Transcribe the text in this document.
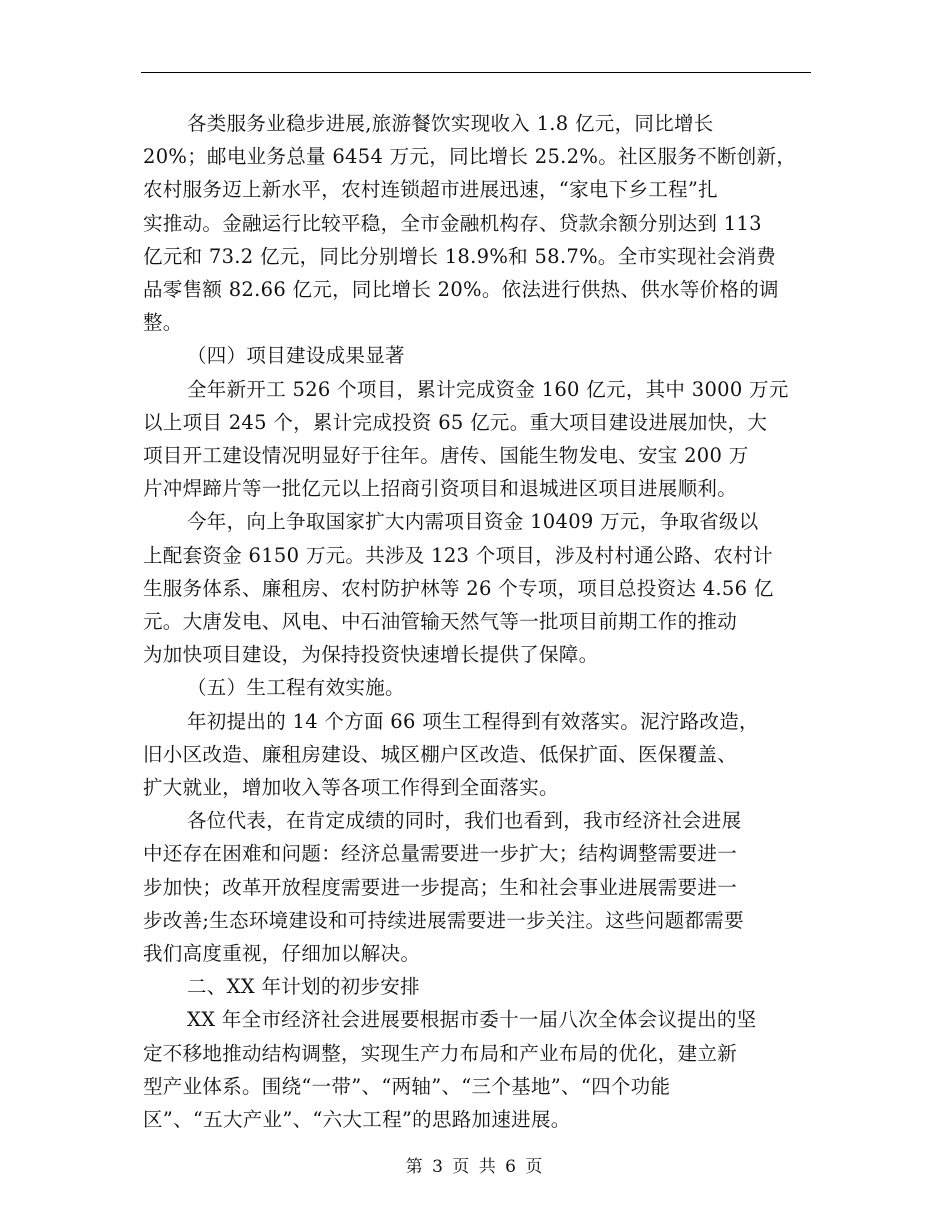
各类服务业稳步进展,旅游餐饮实现收入 1.8 亿元，同比增长
20%；邮电业务总量 6454 万元，同比增长 25.2%。社区服务不断创新，
农村服务迈上新水平，农村连锁超市进展迅速，“家电下乡工程”扎
实推动。金融运行比较平稳，全市金融机构存、贷款余额分别达到 113
亿元和 73.2 亿元，同比分别增长 18.9%和 58.7%。全市实现社会消费
品零售额 82.66 亿元，同比增长 20%。依法进行供热、供水等价格的调
整。
（四）项目建设成果显著
全年新开工 526 个项目，累计完成资金 160 亿元，其中 3000 万元
以上项目 245 个，累计完成投资 65 亿元。重大项目建设进展加快，大
项目开工建设情况明显好于往年。唐传、国能生物发电、安宝 200 万
片冲焊蹄片等一批亿元以上招商引资项目和退城进区项目进展顺利。
今年，向上争取国家扩大内需项目资金 10409 万元，争取省级以
上配套资金 6150 万元。共涉及 123 个项目，涉及村村通公路、农村计
生服务体系、廉租房、农村防护林等 26 个专项，项目总投资达 4.56 亿
元。大唐发电、风电、中石油管输天然气等一批项目前期工作的推动
为加快项目建设，为保持投资快速增长提供了保障。
（五）生工程有效实施。
年初提出的 14 个方面 66 项生工程得到有效落实。泥泞路改造，
旧小区改造、廉租房建设、城区棚户区改造、低保扩面、医保覆盖、
扩大就业，增加收入等各项工作得到全面落实。
各位代表，在肯定成绩的同时，我们也看到，我市经济社会进展
中还存在困难和问题：经济总量需要进一步扩大；结构调整需要进一
步加快；改革开放程度需要进一步提高；生和社会事业进展需要进一
步改善;生态环境建设和可持续进展需要进一步关注。这些问题都需要
我们高度重视，仔细加以解决。
二、XX 年计划的初步安排
XX 年全市经济社会进展要根据市委十一届八次全体会议提出的坚
定不移地推动结构调整，实现生产力布局和产业布局的优化，建立新
型产业体系。围绕“一带”、“两轴”、“三个基地”、“四个功能
区”、“五大产业”、“六大工程”的思路加速进展。
第 3 页 共 6 页
